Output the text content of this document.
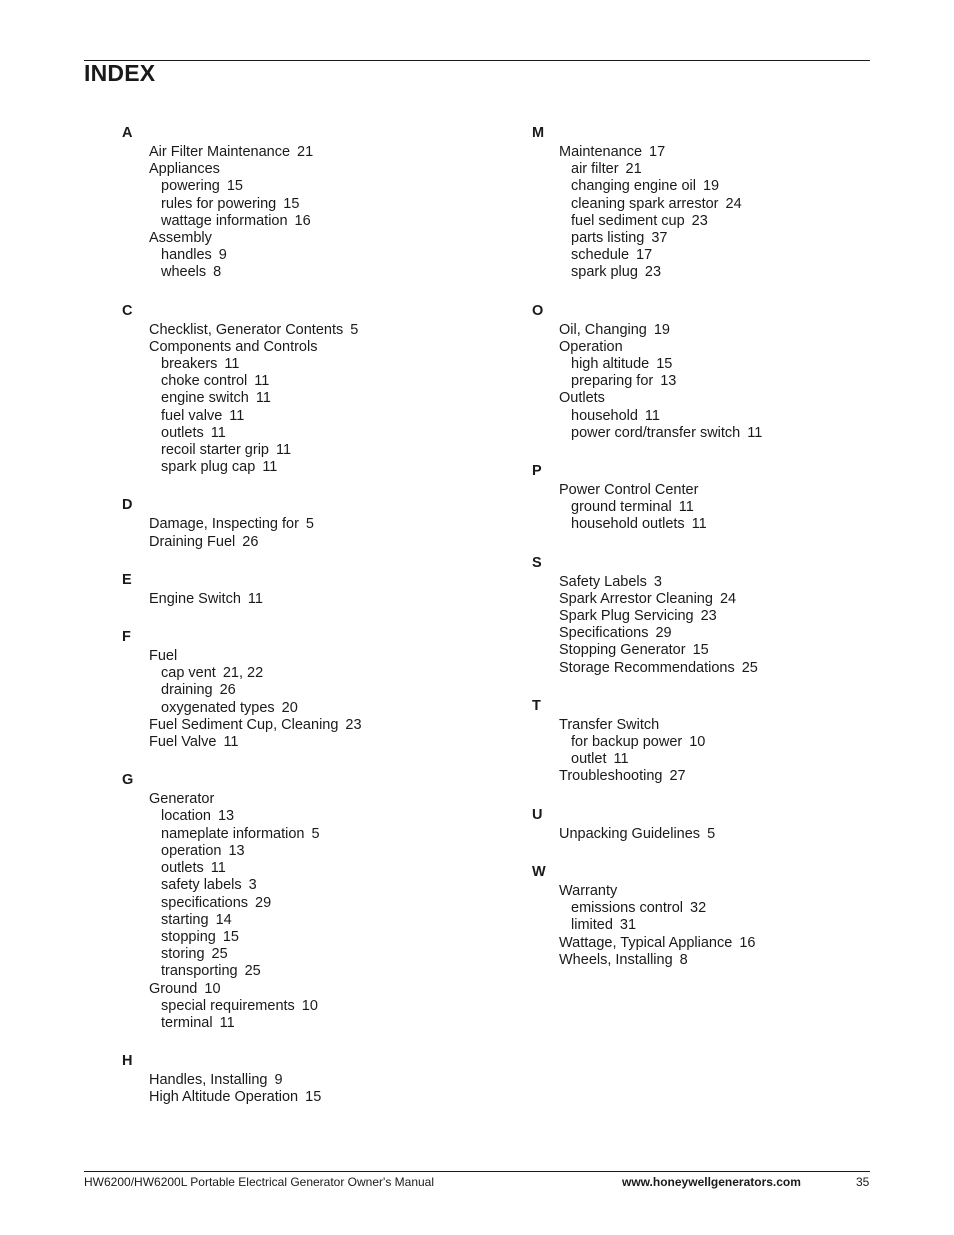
INDEX
A
Air Filter Maintenance 21
Appliances
powering 15
rules for powering 15
wattage information 16
Assembly
handles 9
wheels 8
C
Checklist, Generator Contents 5
Components and Controls
breakers 11
choke control 11
engine switch 11
fuel valve 11
outlets 11
recoil starter grip 11
spark plug cap 11
D
Damage, Inspecting for 5
Draining Fuel 26
E
Engine Switch 11
F
Fuel
cap vent 21, 22
draining 26
oxygenated types 20
Fuel Sediment Cup, Cleaning 23
Fuel Valve 11
G
Generator
location 13
nameplate information 5
operation 13
outlets 11
safety labels 3
specifications 29
starting 14
stopping 15
storing 25
transporting 25
Ground 10
special requirements 10
terminal 11
H
Handles, Installing 9
High Altitude Operation 15
M
Maintenance 17
air filter 21
changing engine oil 19
cleaning spark arrestor 24
fuel sediment cup 23
parts listing 37
schedule 17
spark plug 23
O
Oil, Changing 19
Operation
high altitude 15
preparing for 13
Outlets
household 11
power cord/transfer switch 11
P
Power Control Center
ground terminal 11
household outlets 11
S
Safety Labels 3
Spark Arrestor Cleaning 24
Spark Plug Servicing 23
Specifications 29
Stopping Generator 15
Storage Recommendations 25
T
Transfer Switch
for backup power 10
outlet 11
Troubleshooting 27
U
Unpacking Guidelines 5
W
Warranty
emissions control 32
limited 31
Wattage, Typical Appliance 16
Wheels, Installing 8
HW6200/HW6200L Portable Electrical Generator Owner's Manual	www.honeywellgenerators.com	35
